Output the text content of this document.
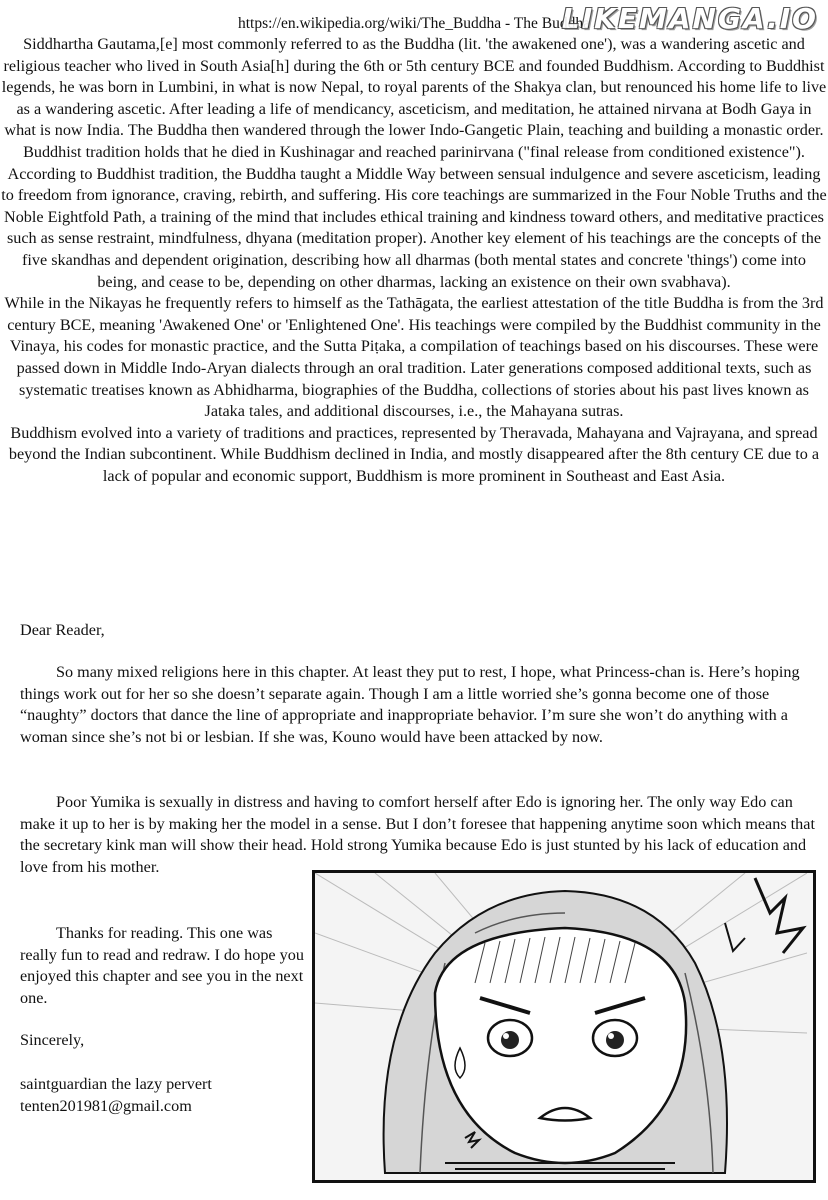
https://en.wikipedia.org/wiki/The_Buddha - The Buddha
LIKEMANGA.IO

Siddhartha Gautama,[e] most commonly referred to as the Buddha (lit. 'the awakened one'), was a wandering ascetic and religious teacher who lived in South Asia[h] during the 6th or 5th century BCE and founded Buddhism. According to Buddhist legends, he was born in Lumbini, in what is now Nepal, to royal parents of the Shakya clan, but renounced his home life to live as a wandering ascetic. After leading a life of mendicancy, asceticism, and meditation, he attained nirvana at Bodh Gaya in what is now India. The Buddha then wandered through the lower Indo-Gangetic Plain, teaching and building a monastic order. Buddhist tradition holds that he died in Kushinagar and reached parinirvana ("final release from conditioned existence").

According to Buddhist tradition, the Buddha taught a Middle Way between sensual indulgence and severe asceticism, leading to freedom from ignorance, craving, rebirth, and suffering. His core teachings are summarized in the Four Noble Truths and the Noble Eightfold Path, a training of the mind that includes ethical training and kindness toward others, and meditative practices such as sense restraint, mindfulness, dhyana (meditation proper). Another key element of his teachings are the concepts of the five skandhas and dependent origination, describing how all dharmas (both mental states and concrete 'things') come into being, and cease to be, depending on other dharmas, lacking an existence on their own svabhava).

While in the Nikayas he frequently refers to himself as the Tathāgata, the earliest attestation of the title Buddha is from the 3rd century BCE, meaning 'Awakened One' or 'Enlightened One'. His teachings were compiled by the Buddhist community in the Vinaya, his codes for monastic practice, and the Sutta Piṭaka, a compilation of teachings based on his discourses. These were passed down in Middle Indo-Aryan dialects through an oral tradition. Later generations composed additional texts, such as systematic treatises known as Abhidharma, biographies of the Buddha, collections of stories about his past lives known as Jataka tales, and additional discourses, i.e., the Mahayana sutras.

Buddhism evolved into a variety of traditions and practices, represented by Theravada, Mahayana and Vajrayana, and spread beyond the Indian subcontinent. While Buddhism declined in India, and mostly disappeared after the 8th century CE due to a lack of popular and economic support, Buddhism is more prominent in Southeast and East Asia.

Dear Reader,

So many mixed religions here in this chapter. At least they put to rest, I hope, what Princess-chan is. Here’s hoping things work out for her so she doesn’t separate again. Though I am a little worried she’s gonna become one of those “naughty” doctors that dance the line of appropriate and inappropriate behavior. I’m sure she won’t do anything with a woman since she’s not bi or lesbian. If she was, Kouno would have been attacked by now.

Poor Yumika is sexually in distress and having to comfort herself after Edo is ignoring her. The only way Edo can make it up to her is by making her the model in a sense. But I don’t foresee that happening anytime soon which means that the secretary kink man will show their head. Hold strong Yumika because Edo is just stunted by his lack of education and love from his mother.

Thanks for reading. This one was really fun to read and redraw. I do hope you enjoyed this chapter and see you in the next one.

Sincerely,

saintguardian the lazy pervert

tenten201981@gmail.com
